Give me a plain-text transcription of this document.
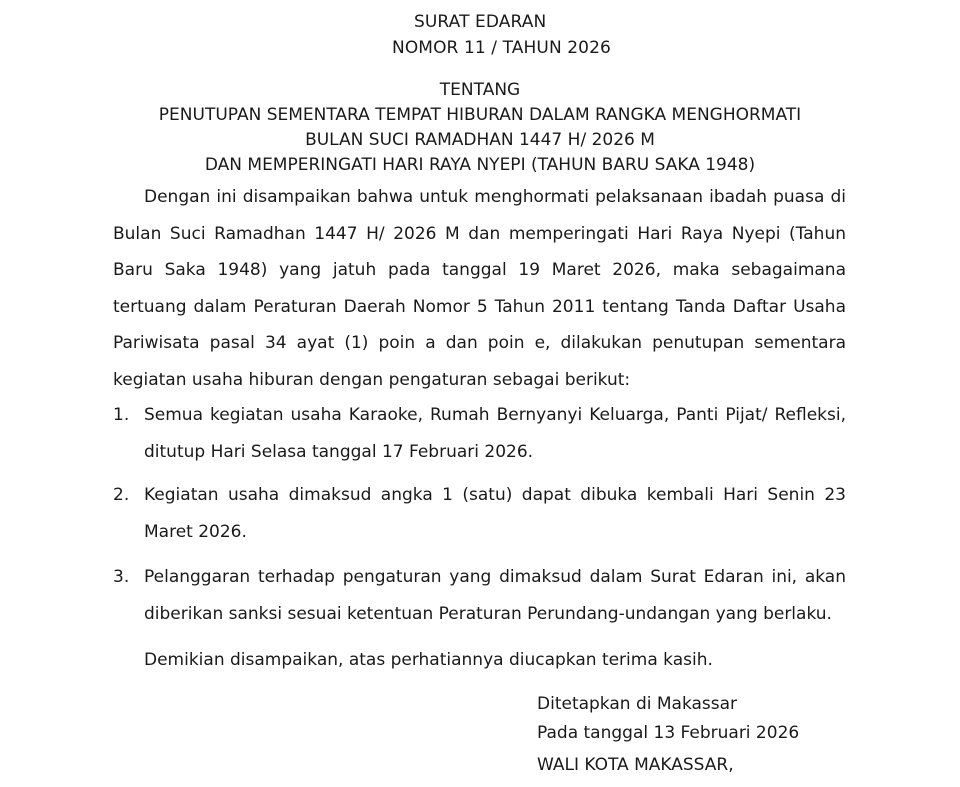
SURAT EDARAN
NOMOR 11 / TAHUN 2026
TENTANG
PENUTUPAN SEMENTARA TEMPAT HIBURAN DALAM RANGKA MENGHORMATI
BULAN SUCI RAMADHAN 1447 H/ 2026 M
DAN MEMPERINGATI HARI RAYA NYEPI (TAHUN BARU SAKA 1948)
Dengan ini disampaikan bahwa untuk menghormati pelaksanaan ibadah puasa di Bulan Suci Ramadhan 1447 H/ 2026 M dan memperingati Hari Raya Nyepi (Tahun Baru Saka 1948) yang jatuh pada tanggal 19 Maret 2026, maka sebagaimana tertuang dalam Peraturan Daerah Nomor 5 Tahun 2011 tentang Tanda Daftar Usaha Pariwisata pasal 34 ayat (1) poin a dan poin e, dilakukan penutupan sementara kegiatan usaha hiburan dengan pengaturan sebagai berikut:
1. Semua kegiatan usaha Karaoke, Rumah Bernyanyi Keluarga, Panti Pijat/ Refleksi, ditutup Hari Selasa tanggal 17 Februari 2026.
2. Kegiatan usaha dimaksud angka 1 (satu) dapat dibuka kembali Hari Senin 23 Maret 2026.
3. Pelanggaran terhadap pengaturan yang dimaksud dalam Surat Edaran ini, akan diberikan sanksi sesuai ketentuan Peraturan Perundang-undangan yang berlaku.
Demikian disampaikan, atas perhatiannya diucapkan terima kasih.
Ditetapkan di Makassar
Pada tanggal 13 Februari 2026
WALI KOTA MAKASSAR,
